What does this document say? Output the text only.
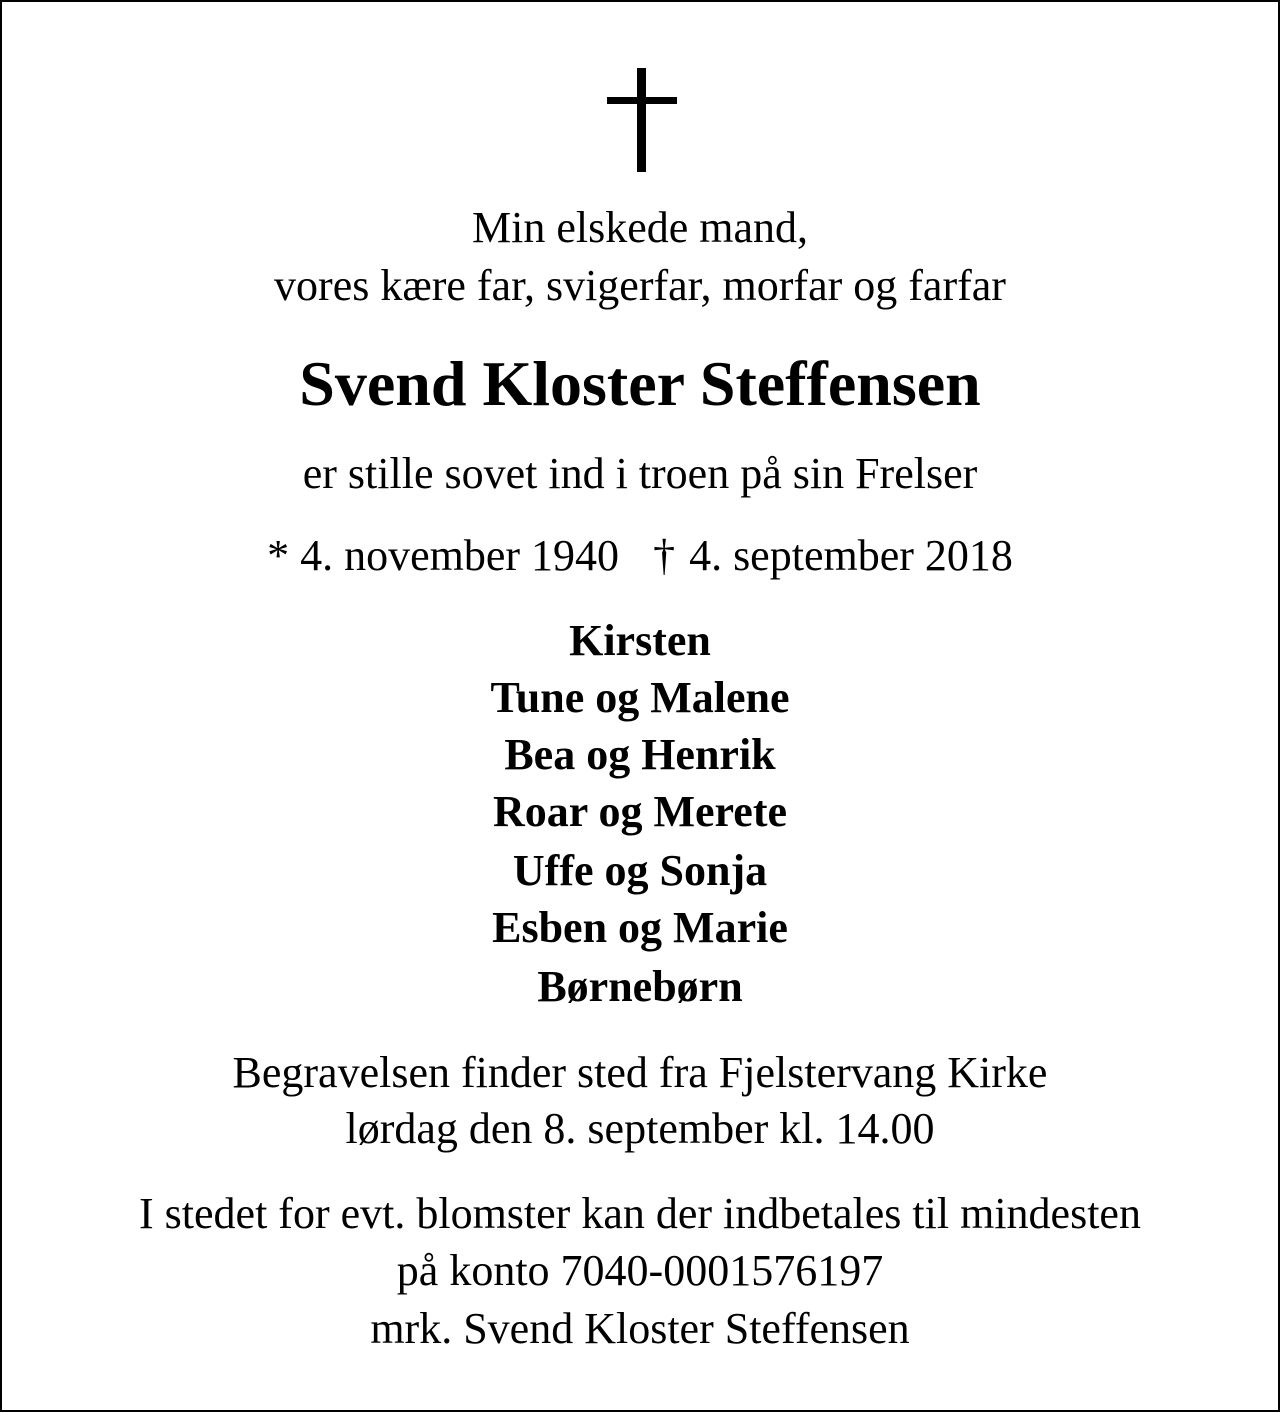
Min elskede mand,
vores kære far, svigerfar, morfar og farfar
Svend Kloster Steffensen
er stille sovet ind i troen på sin Frelser
* 4. november 1940 † 4. september 2018
Kirsten
Tune og Malene
Bea og Henrik
Roar og Merete
Uffe og Sonja
Esben og Marie
Børnebørn
Begravelsen finder sted fra Fjelstervang Kirke
lørdag den 8. september kl. 14.00
I stedet for evt. blomster kan der indbetales til mindesten
på konto 7040-0001576197
mrk. Svend Kloster Steffensen
